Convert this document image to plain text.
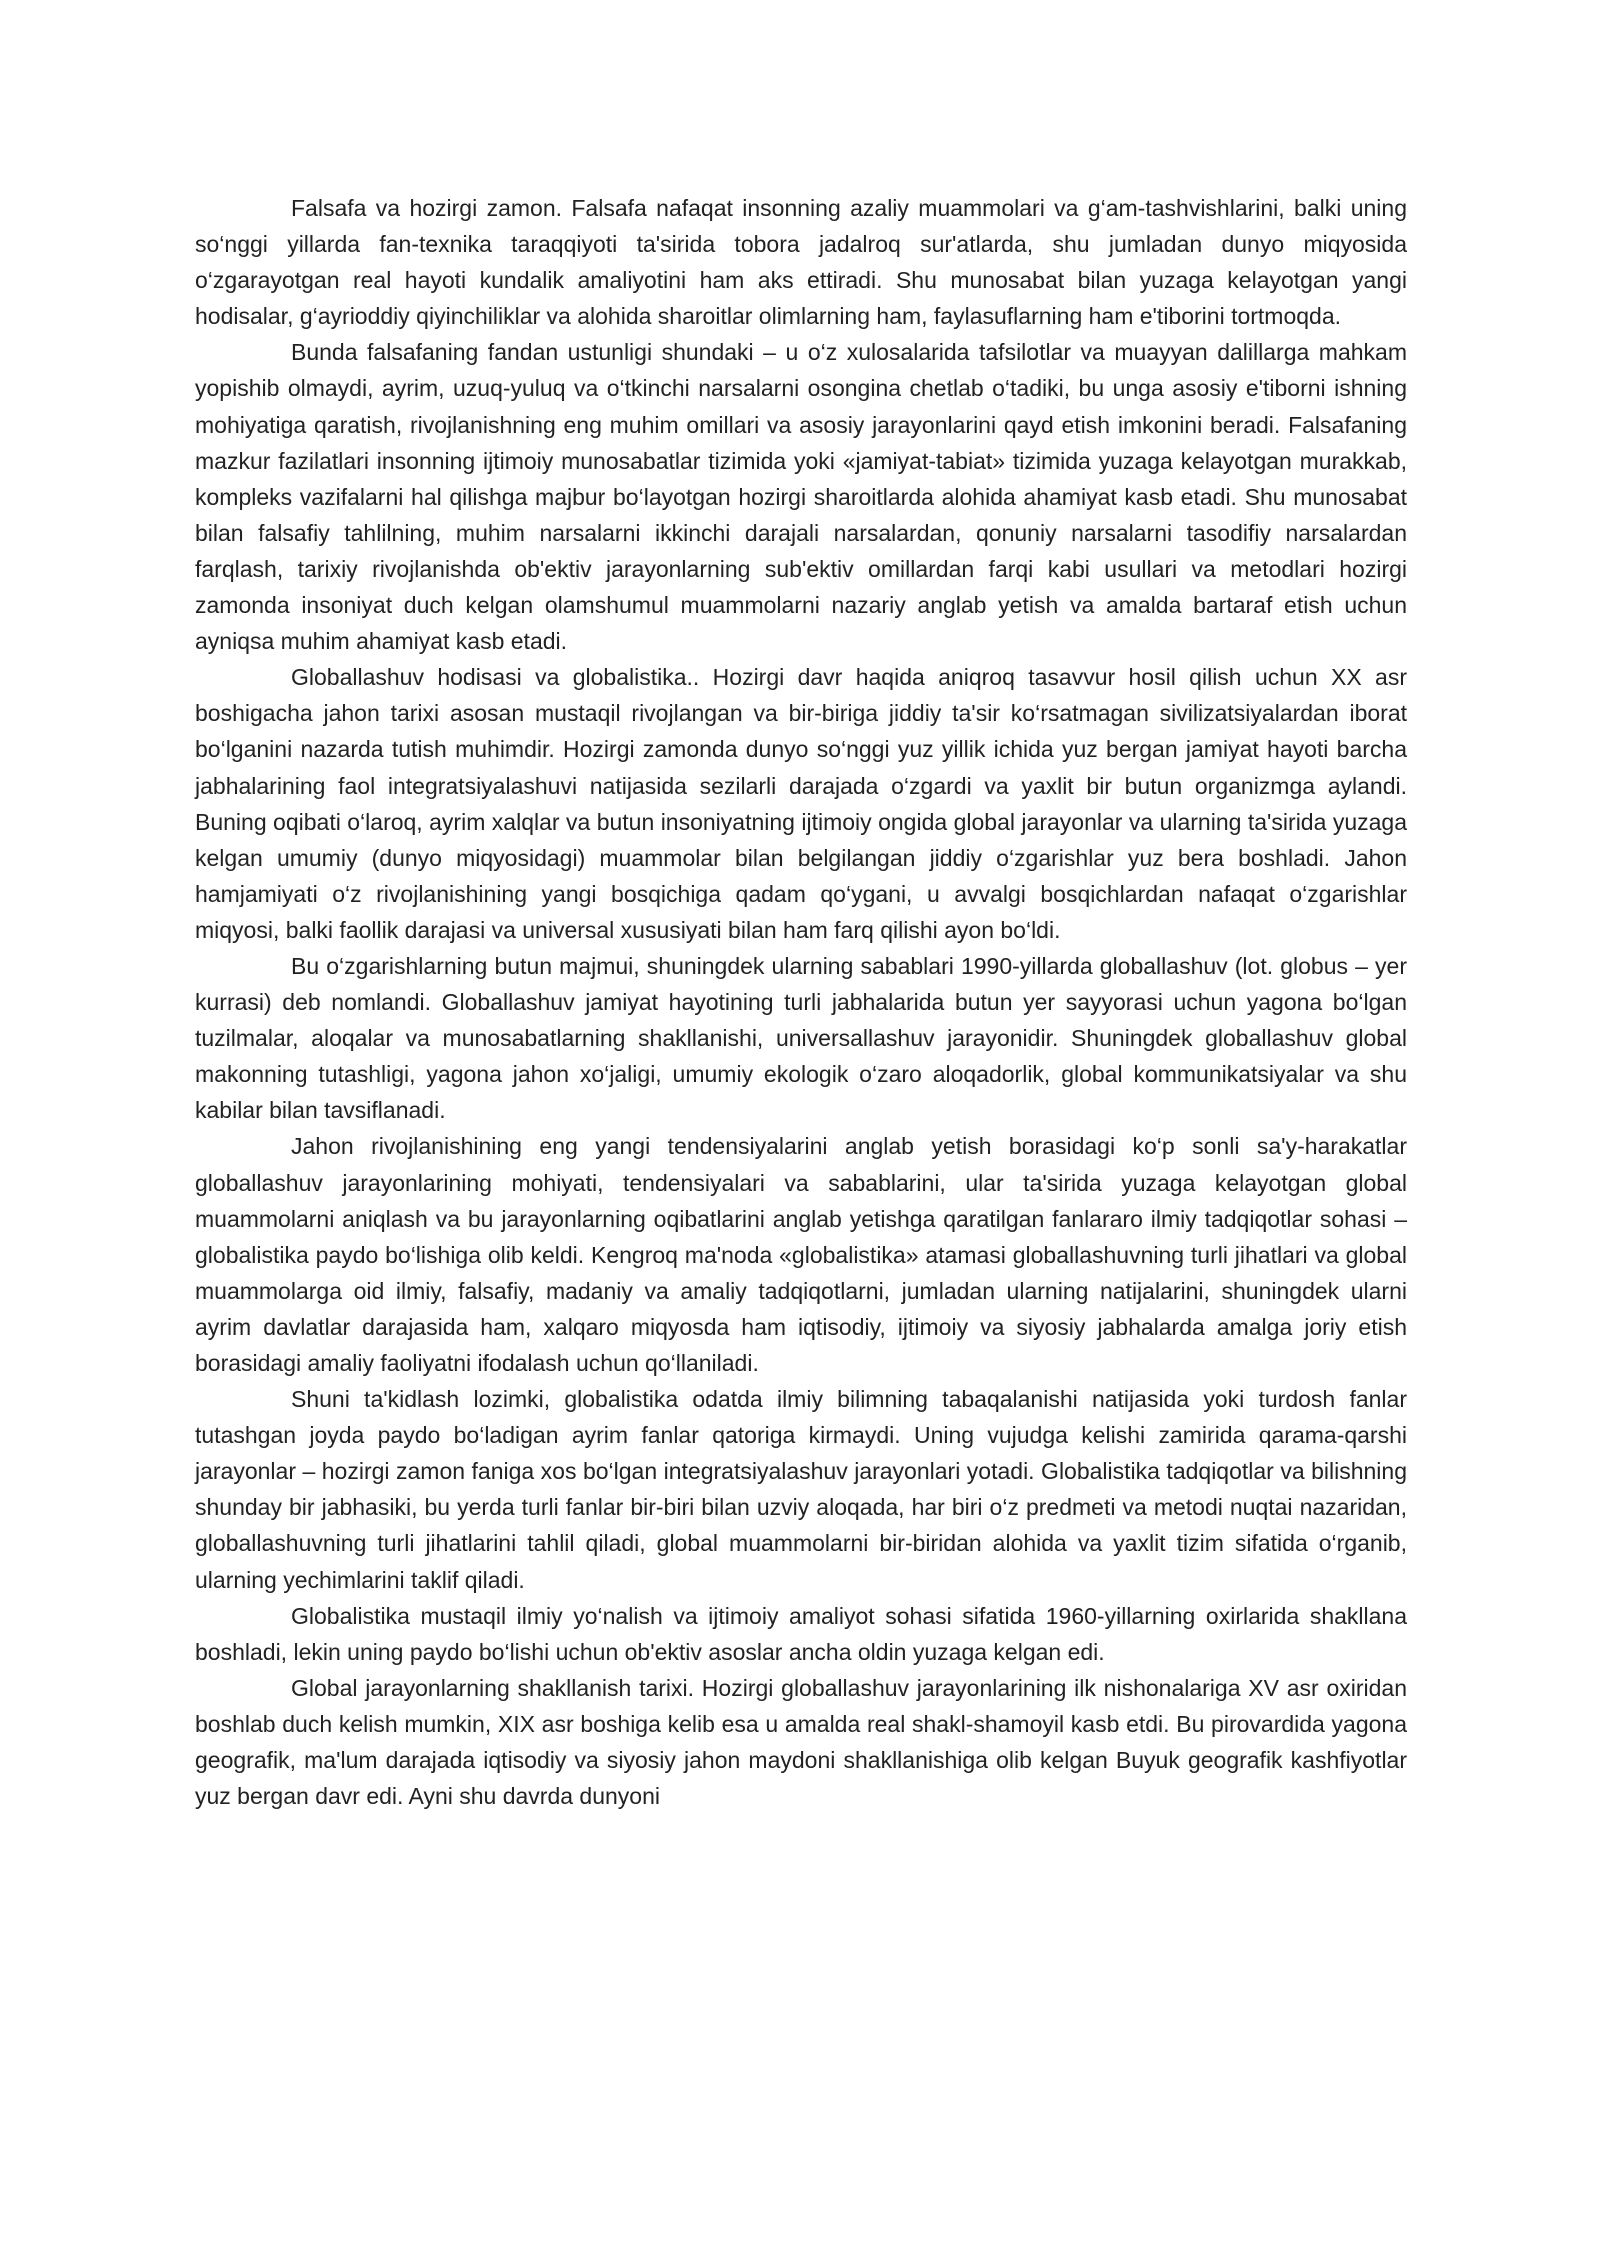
Falsafa va hozirgi zamon. Falsafa nafaqat insonning azaliy muammolari va g‘am-tashvishlarini, balki uning so‘nggi yillarda fan-texnika taraqqiyoti ta'sirida tobora jadalroq sur'atlarda, shu jumladan dunyo miqyosida o‘zgarayotgan real hayoti kundalik amaliyotini ham aks ettiradi. Shu munosabat bilan yuzaga kelayotgan yangi hodisalar, g‘ayrioddiy qiyinchiliklar va alohida sharoitlar olimlarning ham, faylasuflarning ham e'tiborini tortmoqda.

Bunda falsafaning fandan ustunligi shundaki – u o‘z xulosalarida tafsilotlar va muayyan dalillarga mahkam yopishib olmaydi, ayrim, uzuq-yuluq va o‘tkinchi narsalarni osongina chetlab o‘tadiki, bu unga asosiy e'tiborni ishning mohiyatiga qaratish, rivojlanishning eng muhim omillari va asosiy jarayonlarini qayd etish imkonini beradi. Falsafaning mazkur fazilatlari insonning ijtimoiy munosabatlar tizimida yoki «jamiyat-tabiat» tizimida yuzaga kelayotgan murakkab, kompleks vazifalarni hal qilishga majbur bo‘layotgan hozirgi sharoitlarda alohida ahamiyat kasb etadi. Shu munosabat bilan falsafiy tahlilning, muhim narsalarni ikkinchi darajali narsalardan, qonuniy narsalarni tasodifiy narsalardan farqlash, tarixiy rivojlanishda ob'ektiv jarayonlarning sub'ektiv omillardan farqi kabi usullari va metodlari hozirgi zamonda insoniyat duch kelgan olamshumul muammolarni nazariy anglab yetish va amalda bartaraf etish uchun ayniqsa muhim ahamiyat kasb etadi.

Globallashuv hodisasi va globalistika.. Hozirgi davr haqida aniqroq tasavvur hosil qilish uchun XX asr boshigacha jahon tarixi asosan mustaqil rivojlangan va bir-biriga jiddiy ta'sir ko‘rsatmagan sivilizatsiyalardan iborat bo‘lganini nazarda tutish muhimdir. Hozirgi zamonda dunyo so‘nggi yuz yillik ichida yuz bergan jamiyat hayoti barcha jabhalarining faol integratsiyalashuvi natijasida sezilarli darajada o‘zgardi va yaxlit bir butun organizmga aylandi. Buning oqibati o‘laroq, ayrim xalqlar va butun insoniyatning ijtimoiy ongida global jarayonlar va ularning ta'sirida yuzaga kelgan umumiy (dunyo miqyosidagi) muammolar bilan belgilangan jiddiy o‘zgarishlar yuz bera boshladi. Jahon hamjamiyati o‘z rivojlanishining yangi bosqichiga qadam qo‘ygani, u avvalgi bosqichlardan nafaqat o‘zgarishlar miqyosi, balki faollik darajasi va universal xususiyati bilan ham farq qilishi ayon bo‘ldi.

Bu o‘zgarishlarning butun majmui, shuningdek ularning sabablari 1990-yillarda globallashuv (lot. globus – yer kurrasi) deb nomlandi. Globallashuv jamiyat hayotining turli jabhalarida butun yer sayyorasi uchun yagona bo‘lgan tuzilmalar, aloqalar va munosabatlarning shakllanishi, universallashuv jarayonidir. Shuningdek globallashuv global makonning tutashligi, yagona jahon xo‘jaligi, umumiy ekologik o‘zaro aloqadorlik, global kommunikatsiyalar va shu kabilar bilan tavsiflanadi.

Jahon rivojlanishining eng yangi tendensiyalarini anglab yetish borasidagi ko‘p sonli sa'y-harakatlar globallashuv jarayonlarining mohiyati, tendensiyalari va sabablarini, ular ta'sirida yuzaga kelayotgan global muammolarni aniqlash va bu jarayonlarning oqibatlarini anglab yetishga qaratilgan fanlararo ilmiy tadqiqotlar sohasi – globalistika paydo bo‘lishiga olib keldi. Kengroq ma'noda «globalistika» atamasi globallashuvning turli jihatlari va global muammolarga oid ilmiy, falsafiy, madaniy va amaliy tadqiqotlarni, jumladan ularning natijalarini, shuningdek ularni ayrim davlatlar darajasida ham, xalqaro miqyosda ham iqtisodiy, ijtimoiy va siyosiy jabhalarda amalga joriy etish borasidagi amaliy faoliyatni ifodalash uchun qo‘llaniladi.

Shuni ta'kidlash lozimki, globalistika odatda ilmiy bilimning tabaqalanishi natijasida yoki turdosh fanlar tutashgan joyda paydo bo‘ladigan ayrim fanlar qatoriga kirmaydi. Uning vujudga kelishi zamirida qarama-qarshi jarayonlar – hozirgi zamon faniga xos bo‘lgan integratsiyalashuv jarayonlari yotadi. Globalistika tadqiqotlar va bilishning shunday bir jabhasiki, bu yerda turli fanlar bir-biri bilan uzviy aloqada, har biri o‘z predmeti va metodi nuqtai nazaridan, globallashuvning turli jihatlarini tahlil qiladi, global muammolarni bir-biridan alohida va yaxlit tizim sifatida o‘rganib, ularning yechimlarini taklif qiladi.

Globalistika mustaqil ilmiy yo‘nalish va ijtimoiy amaliyot sohasi sifatida 1960-yillarning oxirlarida shakllana boshladi, lekin uning paydo bo‘lishi uchun ob'ektiv asoslar ancha oldin yuzaga kelgan edi.

Global jarayonlarning shakllanish tarixi. Hozirgi globallashuv jarayonlarining ilk nishonalariga XV asr oxiridan boshlab duch kelish mumkin, XIX asr boshiga kelib esa u amalda real shakl-shamoyil kasb etdi. Bu pirovardida yagona geografik, ma'lum darajada iqtisodiy va siyosiy jahon maydoni shakllanishiga olib kelgan Buyuk geografik kashfiyotlar yuz bergan davr edi. Ayni shu davrda dunyoni
